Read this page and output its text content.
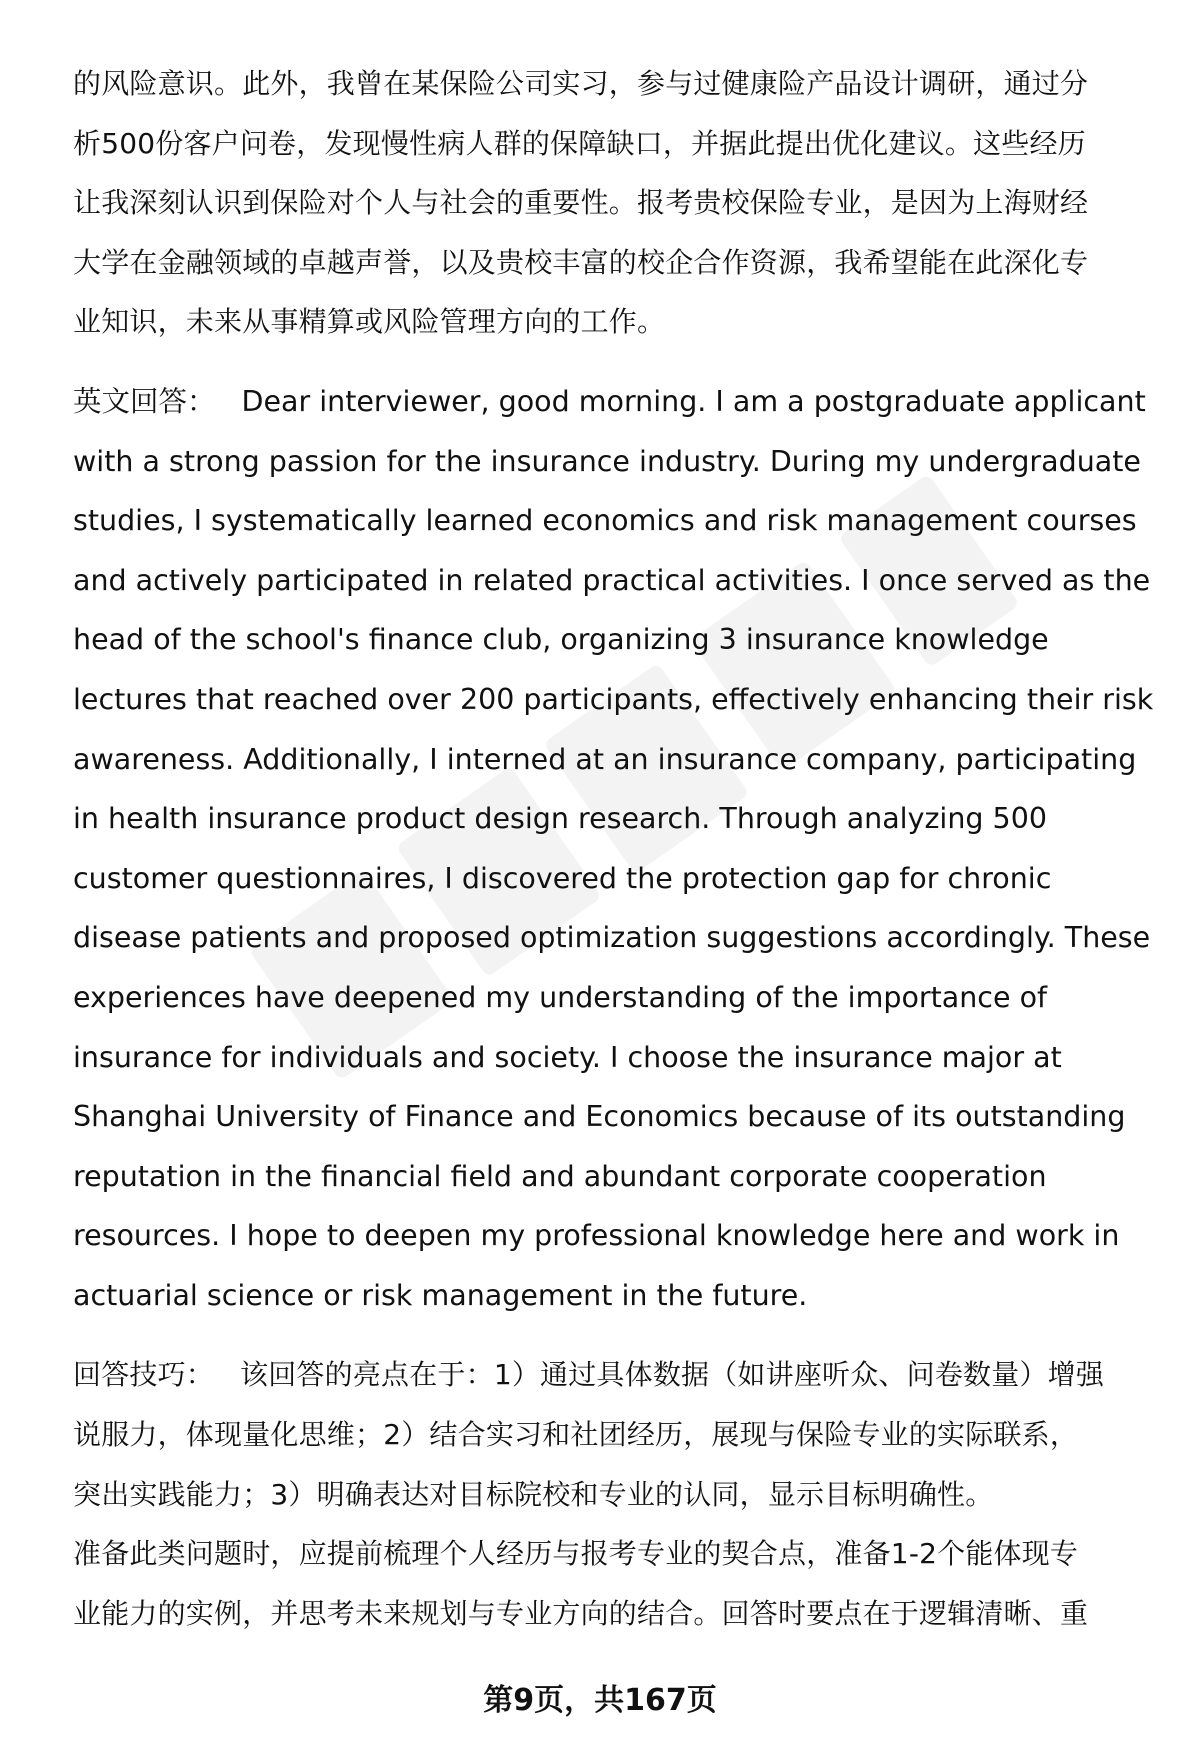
的风险意识。此外，我曾在某保险公司实习，参与过健康险产品设计调研，通过分
析500份客户问卷，发现慢性病人群的保障缺口，并据此提出优化建议。这些经历
让我深刻认识到保险对个人与社会的重要性。报考贵校保险专业，是因为上海财经
大学在金融领域的卓越声誉，以及贵校丰富的校企合作资源，我希望能在此深化专
业知识，未来从事精算或风险管理方向的工作。

英文回答： Dear interviewer, good morning. I am a postgraduate applicant
with a strong passion for the insurance industry. During my undergraduate
studies, I systematically learned economics and risk management courses
and actively participated in related practical activities. I once served as the
head of the school's finance club, organizing 3 insurance knowledge
lectures that reached over 200 participants, effectively enhancing their risk
awareness. Additionally, I interned at an insurance company, participating
in health insurance product design research. Through analyzing 500
customer questionnaires, I discovered the protection gap for chronic
disease patients and proposed optimization suggestions accordingly. These
experiences have deepened my understanding of the importance of
insurance for individuals and society. I choose the insurance major at
Shanghai University of Finance and Economics because of its outstanding
reputation in the financial field and abundant corporate cooperation
resources. I hope to deepen my professional knowledge here and work in
actuarial science or risk management in the future.

回答技巧： 该回答的亮点在于：1）通过具体数据（如讲座听众、问卷数量）增强
说服力，体现量化思维；2）结合实习和社团经历，展现与保险专业的实际联系，
突出实践能力；3）明确表达对目标院校和专业的认同，显示目标明确性。

准备此类问题时，应提前梳理个人经历与报考专业的契合点，准备1-2个能体现专
业能力的实例，并思考未来规划与专业方向的结合。回答时要点在于逻辑清晰、重

第9页，共167页
